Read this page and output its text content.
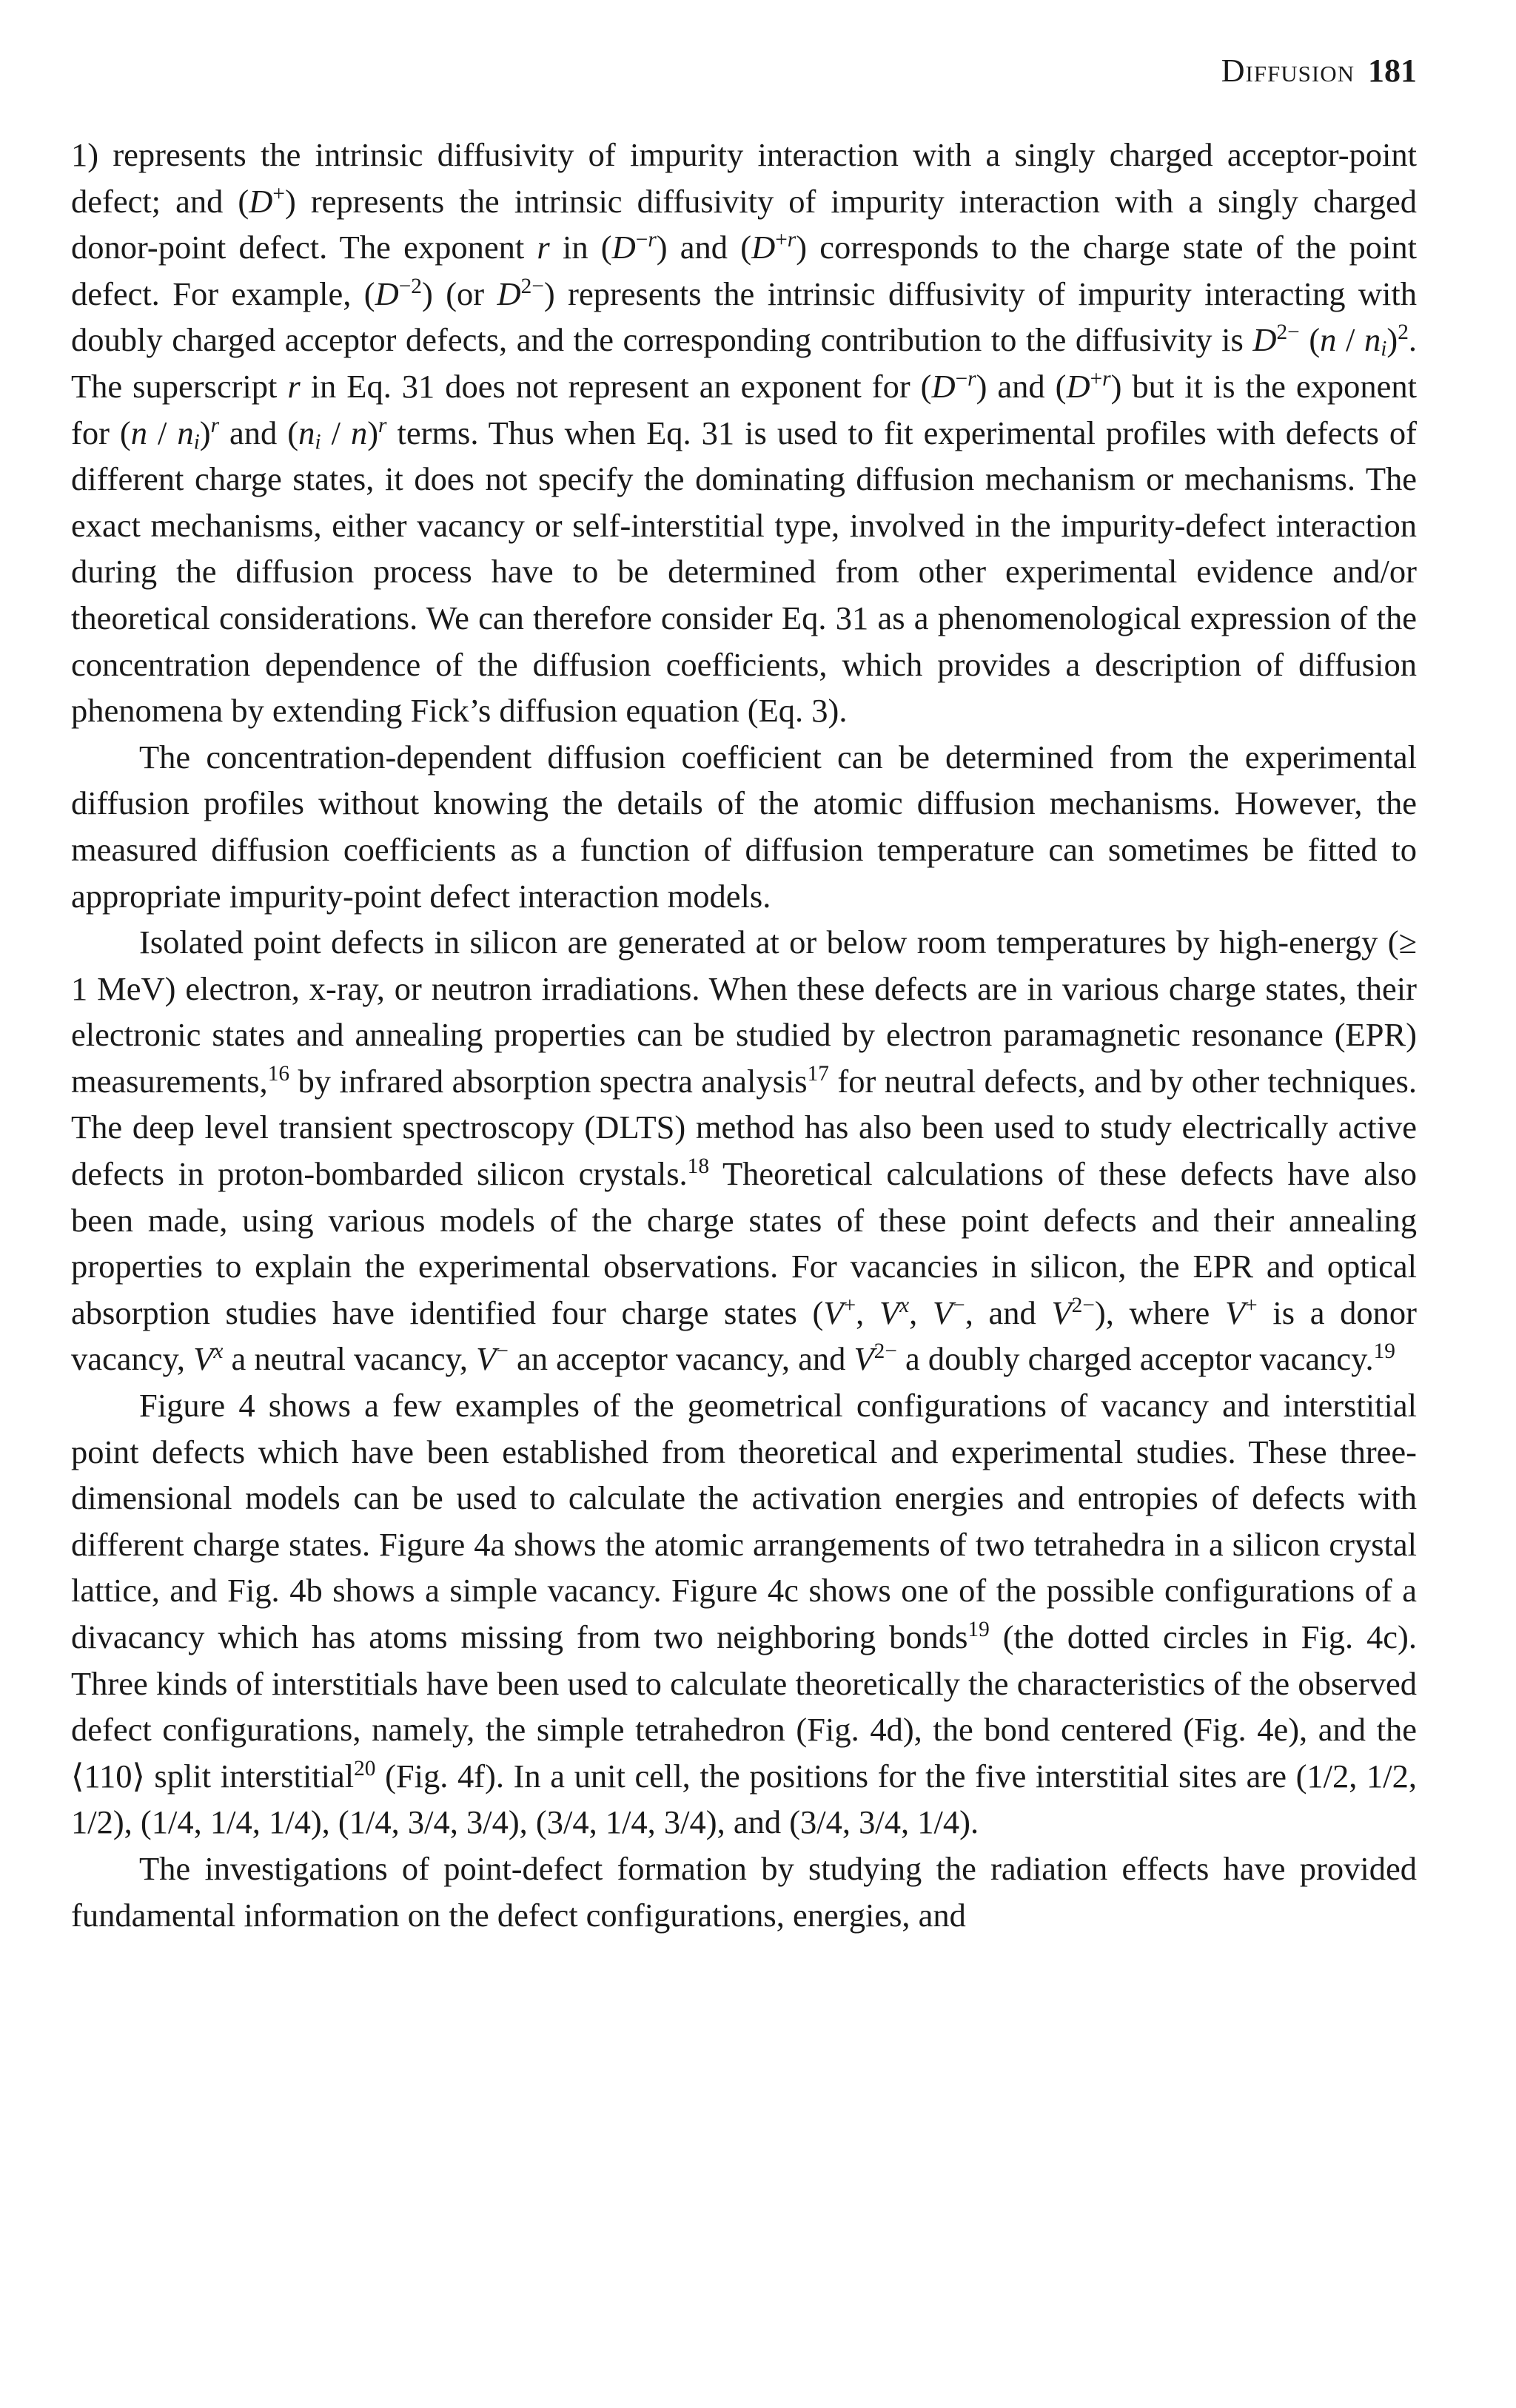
Diffusion 181

1) represents the intrinsic diffusivity of impurity interaction with a singly charged acceptor-point defect; and (D+) represents the intrinsic diffusivity of impurity interaction with a singly charged donor-point defect. The exponent r in $(D^{-r})$ and $(D^{+r})$ corresponds to the charge state of the point defect. For example, $(D^{-2})$ (or $D^{2-}$) represents the intrinsic diffusivity of impurity interacting with doubly charged acceptor defects, and the corresponding contribution to the diffusivity is $D^{2-}$ $(n / n_i)^2$. The superscript r in Eq. 31 does not represent an exponent for $(D^{-r})$ and $(D^{+r})$ but it is the exponent for $(n / n_i)^r$ and $(n_i / n)^r$ terms. Thus when Eq. 31 is used to fit experimental profiles with defects of different charge states, it does not specify the dominating diffusion mechanism or mechanisms. The exact mechanisms, either vacancy or self-interstitial type, involved in the impurity-defect interaction during the diffusion process have to be determined from other experimental evidence and/or theoretical considerations. We can therefore consider Eq. 31 as a phenomenological expression of the concentration dependence of the diffusion coefficients, which provides a description of diffusion phenomena by extending Fick’s diffusion equation (Eq. 3).

The concentration-dependent diffusion coefficient can be determined from the experimental diffusion profiles without knowing the details of the atomic diffusion mechanisms. However, the measured diffusion coefficients as a function of diffusion temperature can sometimes be fitted to appropriate impurity-point defect interaction models.

Isolated point defects in silicon are generated at or below room temperatures by high-energy (≥ 1 MeV) electron, x-ray, or neutron irradiations. When these defects are in various charge states, their electronic states and annealing properties can be studied by electron paramagnetic resonance (EPR) measurements,$^{16}$ by infrared absorption spectra analysis$^{17}$ for neutral defects, and by other techniques. The deep level transient spectroscopy (DLTS) method has also been used to study electrically active defects in proton-bombarded silicon crystals.$^{18}$ Theoretical calculations of these defects have also been made, using various models of the charge states of these point defects and their annealing properties to explain the experimental observations. For vacancies in silicon, the EPR and optical absorption studies have identified four charge states (V+, $V^x$, V−, and $V^{2-}$), where V+ is a donor vacancy, $V^x$ a neutral vacancy, V− an acceptor vacancy, and $V^{2-}$ a doubly charged acceptor vacancy.$^{19}$

Figure 4 shows a few examples of the geometrical configurations of vacancy and interstitial point defects which have been established from theoretical and experimental studies. These three-dimensional models can be used to calculate the activation energies and entropies of defects with different charge states. Figure 4a shows the atomic arrangements of two tetrahedra in a silicon crystal lattice, and Fig. 4b shows a simple vacancy. Figure 4c shows one of the possible configurations of a divacancy which has atoms missing from two neighboring bonds$^{19}$ (the dotted circles in Fig. 4c). Three kinds of interstitials have been used to calculate theoretically the characteristics of the observed defect configurations, namely, the simple tetrahedron (Fig. 4d), the bond centered (Fig. 4e), and the ⟨110⟩ split interstitial$^{20}$ (Fig. 4f). In a unit cell, the positions for the five interstitial sites are (1/2, 1/2, 1/2), (1/4, 1/4, 1/4), (1/4, 3/4, 3/4), (3/4, 1/4, 3/4), and (3/4, 3/4, 1/4).

The investigations of point-defect formation by studying the radiation effects have provided fundamental information on the defect configurations, energies, and
